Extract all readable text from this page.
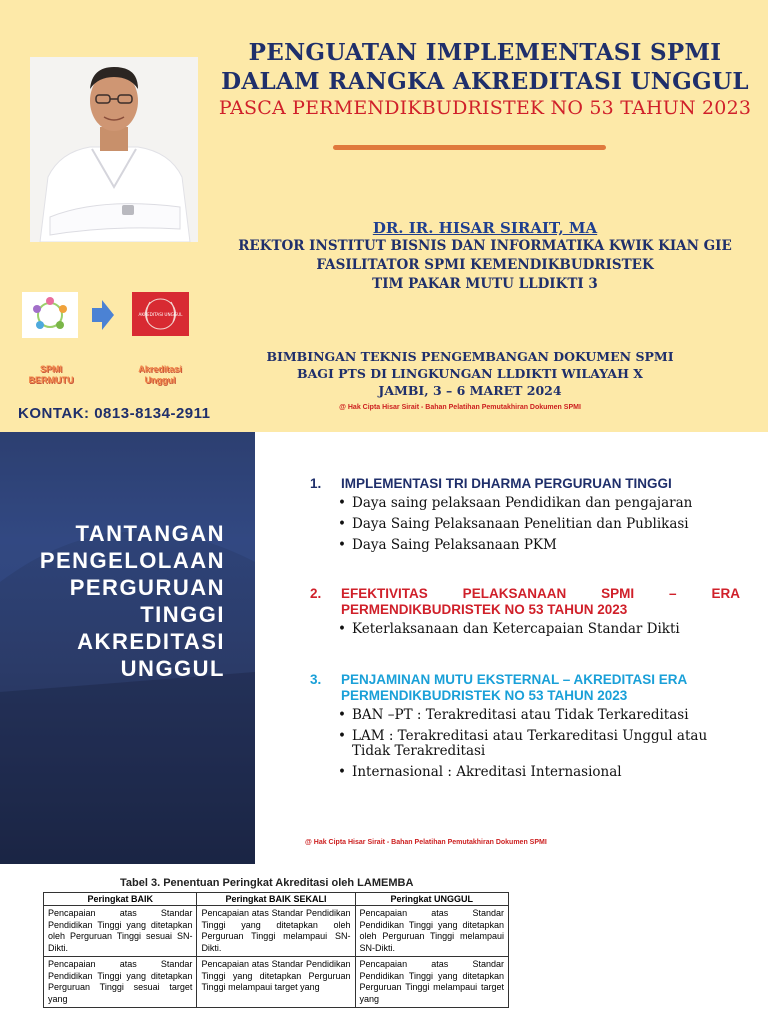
PENGUATAN IMPLEMENTASI SPMI
DALAM RANGKA AKREDITASI UNGGUL
PASCA PERMENDIKBUDRISTEK NO 53 TAHUN 2023
DR. IR. HISAR SIRAIT, MA
REKTOR INSTITUT BISNIS DAN INFORMATIKA KWIK KIAN GIE
FASILITATOR SPMI KEMENDIKBUDRISTEK
TIM PAKAR MUTU LLDIKTI 3
BIMBINGAN TEKNIS PENGEMBANGAN DOKUMEN SPMI
BAGI PTS DI LINGKUNGAN LLDIKTI WILAYAH X
JAMBI, 3 – 6 MARET 2024
@ Hak Cipta Hisar Sirait - Bahan Pelatihan Pemutakhiran Dokumen SPMI
AKREDITASI UNGGUL
SPMI
BERMUTU
Akreditasi
Unggul
KONTAK: 0813-8134-2911
TANTANGAN
PENGELOLAAN
PERGURUAN
TINGGI
AKREDITASI
UNGGUL
1. IMPLEMENTASI TRI DHARMA PERGURUAN TINGGI
• Daya saing pelaksaan Pendidikan dan pengajaran
• Daya Saing Pelaksanaan Penelitian dan Publikasi
• Daya Saing Pelaksanaan PKM
2.	EFEKTIVITAS PELAKSANAAN SPMI – ERA
PERMENDIKBUDRISTEK NO 53 TAHUN 2023
• Keterlaksanaan dan Ketercapaian Standar Dikti
3.	PENJAMINAN MUTU EKSTERNAL – AKREDITASI ERA
PERMENDIKBUDRISTEK NO 53 TAHUN 2023
• BAN –PT : Terakreditasi atau Tidak Terkareditasi
• LAM : Terakreditasi atau Terkareditasi Unggul atau Tidak Terakreditasi
• Internasional : Akreditasi Internasional
@ Hak Cipta Hisar Sirait - Bahan Pelatihan Pemutakhiran Dokumen SPMI
Tabel 3. Penentuan Peringkat Akreditasi oleh LAMEMBA
Peringkat BAIK	Peringkat BAIK SEKALI	Peringkat UNGGUL
Pencapaian atas Standar Pendidikan Tinggi yang ditetapkan oleh Perguruan Tinggi sesuai SN-Dikti.	Pencapaian atas Standar Pendidikan Tinggi yang ditetapkan oleh Perguruan Tinggi melampaui SN-Dikti.	Pencapaian atas Standar Pendidikan Tinggi yang ditetapkan oleh Perguruan Tinggi melampaui SN-Dikti.
Pencapaian atas Standar Pendidikan Tinggi yang ditetapkan Perguruan Tinggi sesuai target yang	Pencapaian atas Standar Pendidikan Tinggi yang ditetapkan Perguruan Tinggi melampaui target yang	Pencapaian atas Standar Pendidikan Tinggi yang ditetapkan Perguruan Tinggi melampaui target yang
